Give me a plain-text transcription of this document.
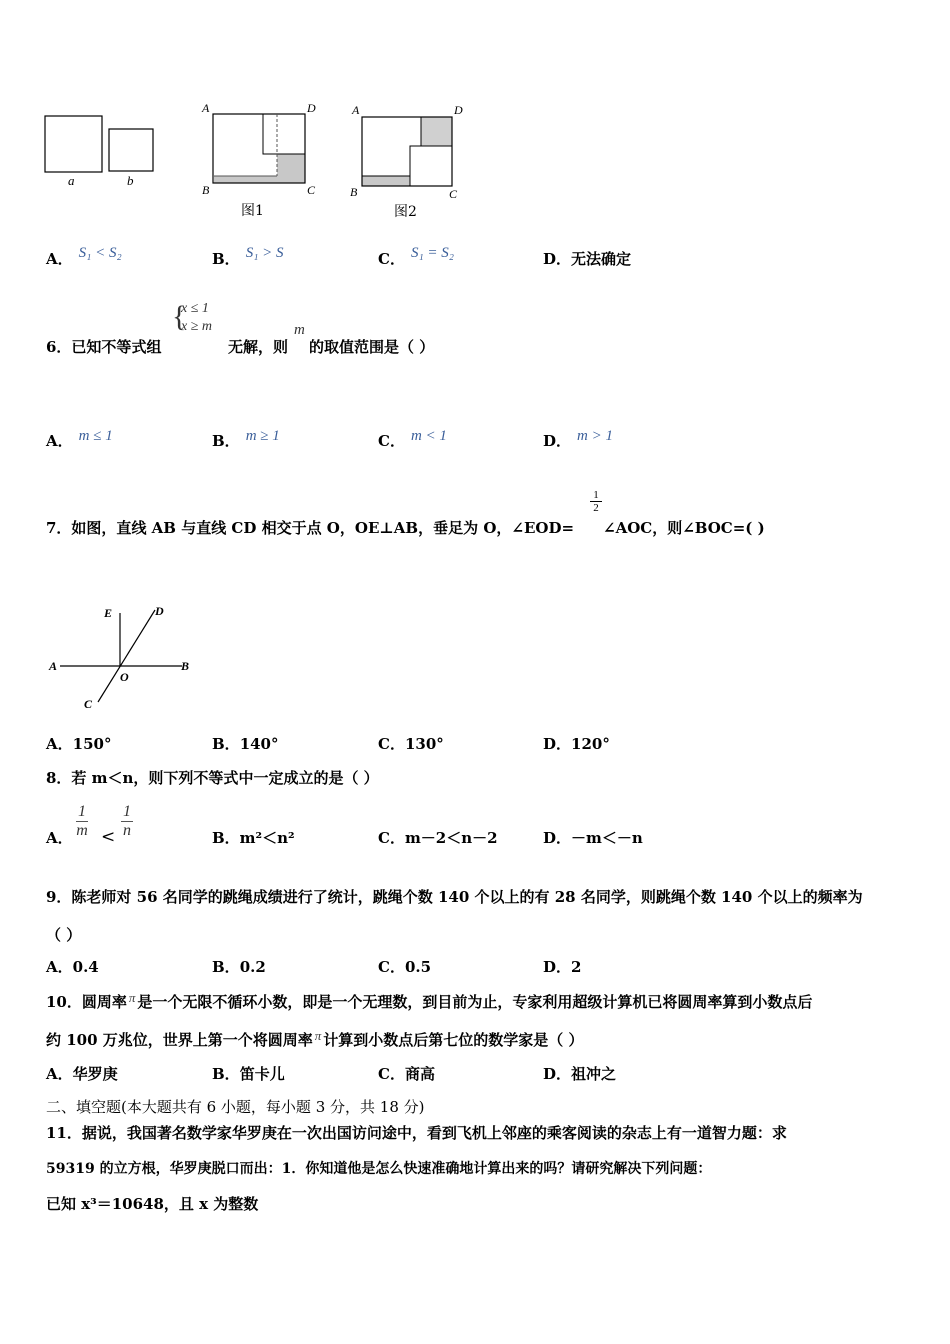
a	b
A	D
B	C
A	D
B	C
图1	图2
A． S₁ < S₂	B． S₁ > S	C． S₁ = S₂	D．无法确定
6．已知不等式组
{
x ≤ 1
x ≥ m
无解，则
m
的取值范围是（ ）
A． m ≤ 1	B． m ≥ 1	C． m < 1	D． m > 1
7．如图，直线 AB 与直线 CD 相交于点 O，OE⊥AB，垂足为 O，∠EOD=
1
2
∠AOC，则∠BOC=( )
E	D
A
O
B
C
A．150°	B．140°	C．130°	D．120°
8．若 m＜n，则下列不等式中一定成立的是（ ）
A． $\frac{1}{m} < \frac{1}{n}$	B．m²＜n²	C．m－2＜n－2	D．－m＜－n
9．陈老师对 56 名同学的跳绳成绩进行了统计，跳绳个数 140 个以上的有 28 名同学，则跳绳个数 140 个以上的频率为
（ ）
A．0.4	B．0.2	C．0.5	D．2
10．圆周率 π 是一个无限不循环小数，即是一个无理数，到目前为止，专家利用超级计算机已将圆周率算到小数点后
约 100 万兆位，世界上第一个将圆周率 π 计算到小数点后第七位的数学家是（ ）
A．华罗庚	B．笛卡儿	C．商高	D．祖冲之
二、填空题(本大题共有 6 小题，每小题 3 分，共 18 分)
11．据说，我国著名数学家华罗庚在一次出国访问途中，看到飞机上邻座的乘客阅读的杂志上有一道智力题：求
59319 的立方根，华罗庚脱口而出：1．你知道他是怎么快速准确地计算出来的吗？请研究解决下列问题：
已知 x³＝10648，且 x 为整数
